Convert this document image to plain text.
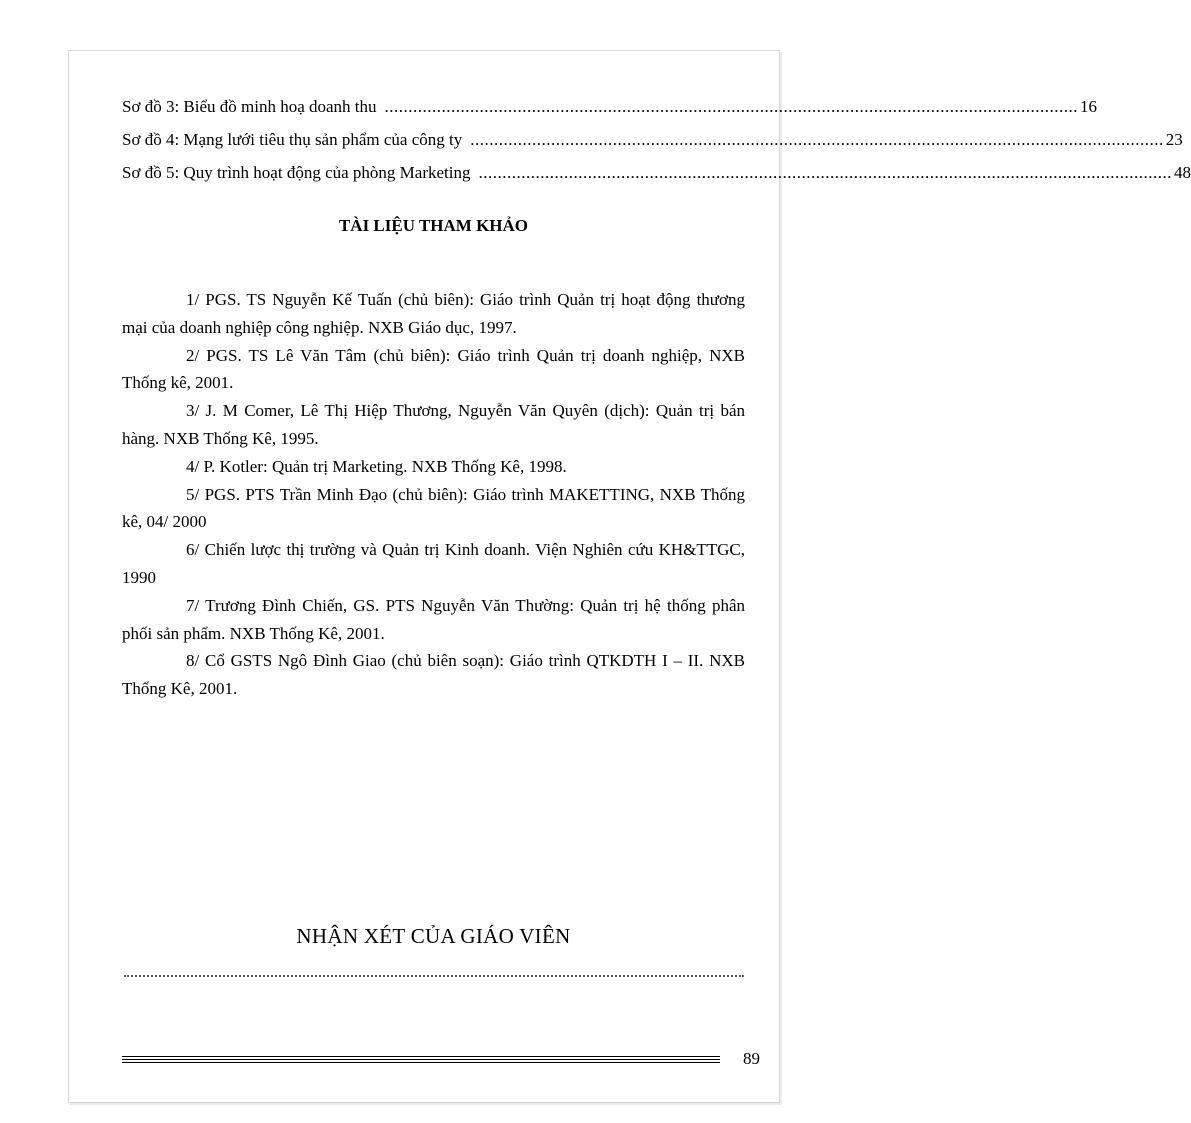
Sơ đồ 3: Biểu đồ minh hoạ doanh thu .................................................................................................................................................. 16
Sơ đồ 4: Mạng lưới tiêu thụ sản phẩm của công ty .................................................................................................................................................. 23
Sơ đồ 5: Quy trình hoạt động của phòng Marketing .................................................................................................................................................. 48
TÀI LIỆU THAM KHẢO

1/ PGS. TS Nguyễn Kế Tuấn (chủ biên): Giáo trình Quản trị hoạt động thương mại của doanh nghiệp công nghiệp. NXB Giáo dục, 1997.

2/ PGS. TS Lê Văn Tâm (chủ biên): Giáo trình Quản trị doanh nghiệp, NXB Thống kê, 2001.

3/ J. M Comer, Lê Thị Hiệp Thương, Nguyễn Văn Quyên (dịch): Quản trị bán hàng. NXB Thống Kê, 1995.

4/ P. Kotler: Quản trị Marketing. NXB Thống Kê, 1998.

5/ PGS. PTS Trần Minh Đạo (chủ biên): Giáo trình MAKETTING, NXB Thống kê, 04/ 2000

6/ Chiến lược thị trường và Quản trị Kinh doanh. Viện Nghiên cứu KH&TTGC, 1990

7/ Trương Đình Chiến, GS. PTS Nguyễn Văn Thường: Quản trị hệ thống phân phối sản phẩm. NXB Thống Kê, 2001.

8/ Cổ GSTS Ngô Đình Giao (chủ biên soạn): Giáo trình QTKDTH I – II. NXB Thống Kê, 2001.

NHẬN XÉT CỦA GIÁO VIÊN
89
